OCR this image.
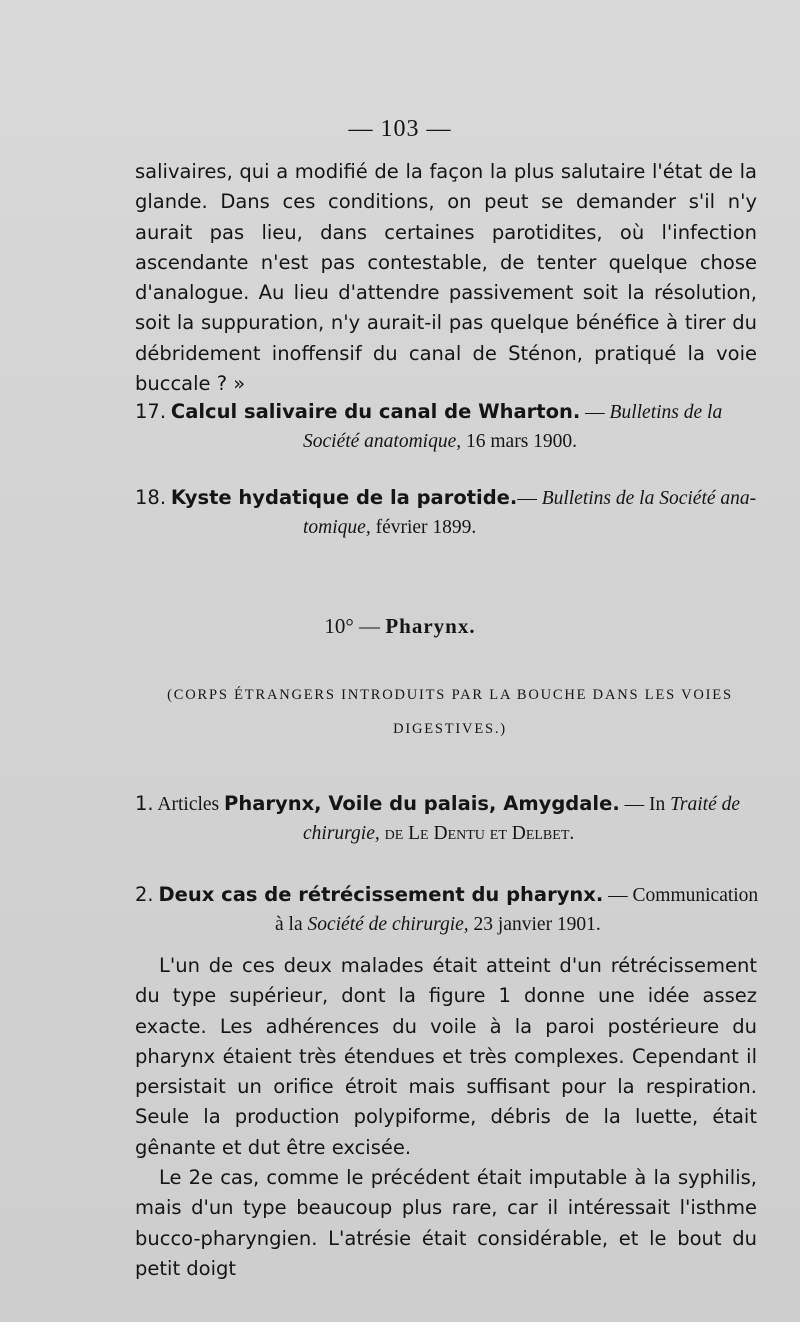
— 103 —

salivaires, qui a modifié de la façon la plus salutaire l'état de la glande. Dans ces conditions, on peut se demander s'il n'y aurait pas lieu, dans certaines parotidites, où l'infection ascendante n'est pas contestable, de tenter quelque chose d'analogue. Au lieu d'attendre passivement soit la résolution, soit la suppuration, n'y aurait-il pas quelque bénéfice à tirer du débridement inoffensif du canal de Sténon, pratiqué la voie buccale ? »

17. Calcul salivaire du canal de Wharton. — Bulletins de la
Société anatomique, 16 mars 1900.
18. Kyste hydatique de la parotide.— Bulletins de la Société ana-
tomique, février 1899.
10° — Pharynx.
(CORPS ÉTRANGERS INTRODUITS PAR LA BOUCHE DANS LES VOIES DIGESTIVES.)
1. Articles Pharynx, Voile du palais, Amygdale. — In Traité de
chirurgie, de Le Dentu et Delbet.
2. Deux cas de rétrécissement du pharynx. — Communication
à la Société de chirurgie, 23 janvier 1901.

L'un de ces deux malades était atteint d'un rétrécissement du type supérieur, dont la figure 1 donne une idée assez exacte. Les adhérences du voile à la paroi postérieure du pharynx étaient très étendues et très complexes. Cependant il persistait un orifice étroit mais suffisant pour la respiration. Seule la production polypiforme, débris de la luette, était gênante et dut être excisée.

Le 2e cas, comme le précédent était imputable à la syphilis, mais d'un type beaucoup plus rare, car il intéressait l'isthme bucco-pharyngien. L'atrésie était considérable, et le bout du petit doigt
